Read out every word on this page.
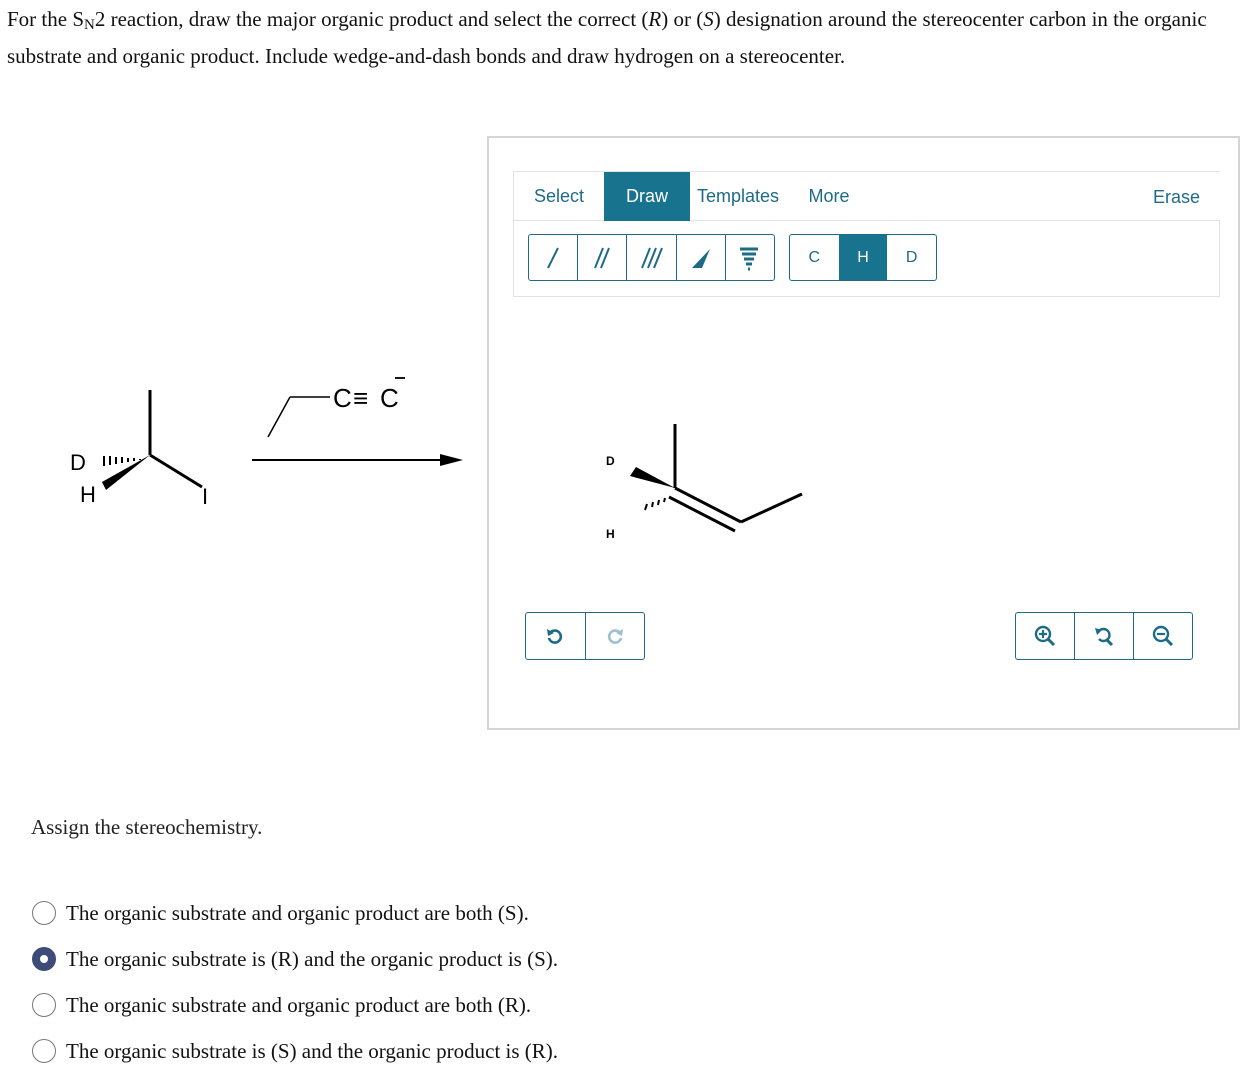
For the SN2 reaction, draw the major organic product and select the correct (R) or (S) designation around the stereocenter carbon in the organic substrate and organic product. Include wedge-and-dash bonds and draw hydrogen on a stereocenter.
D
H	I
C ≡ C
Select	Draw	Templates	More	Erase
C	H	D
D
H
Assign the stereochemistry.
The organic substrate and organic product are both (S).
The organic substrate is (R) and the organic product is (S).
The organic substrate and organic product are both (R).
The organic substrate is (S) and the organic product is (R).
